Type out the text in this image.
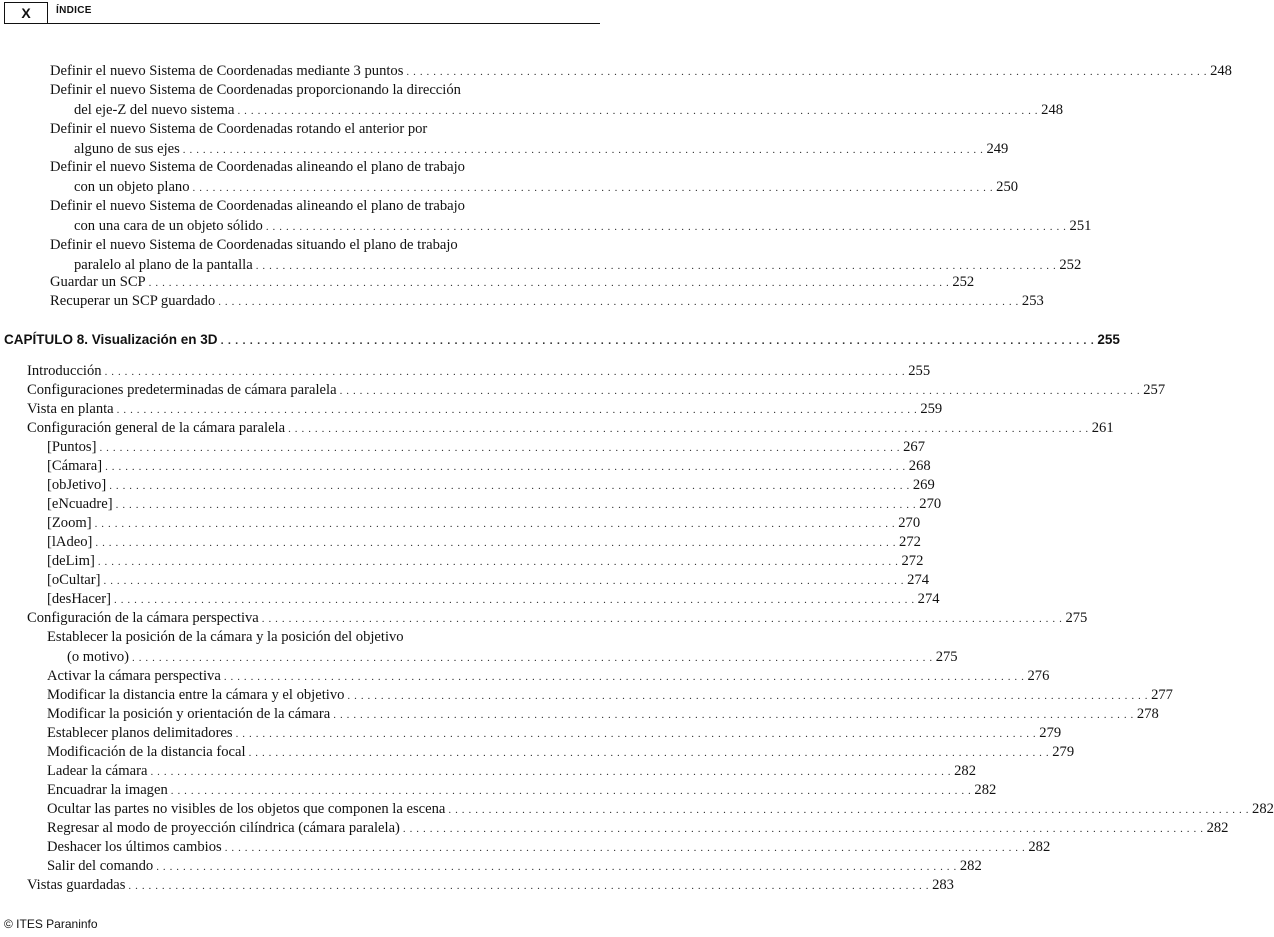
X	ÍNDICE
Definir el nuevo Sistema de Coordenadas mediante 3 puntos . . . . . . . . . . . . . . . . . . . . . . . . . . . . . . . . . . . . . . . . . . . . . . . . . . . . . . . . . . . . . . . . . . . . . . . . . . . . . . . . . . . . . . . . . . . . . . . . . . . . . . . . . . . . . . . . . . . . . . . . 248
Definir el nuevo Sistema de Coordenadas proporcionando la dirección
del eje-Z del nuevo sistema . . . . . . . . . . . . . . . . . . . . . . . . . . . . . . . . . . . . . . . . . . . . . . . . . . . . . . . . . . . . . . . . . . . . . . . . . . . . . . . . . . . . . . . . . . . . . . . . . . . . . . . . . . . . . . . . . . . . . . . . 248
Definir el nuevo Sistema de Coordenadas rotando el anterior por
alguno de sus ejes . . . . . . . . . . . . . . . . . . . . . . . . . . . . . . . . . . . . . . . . . . . . . . . . . . . . . . . . . . . . . . . . . . . . . . . . . . . . . . . . . . . . . . . . . . . . . . . . . . . . . . . . . . . . . . . . . . . . . . . . 249
Definir el nuevo Sistema de Coordenadas alineando el plano de trabajo
con un objeto plano . . . . . . . . . . . . . . . . . . . . . . . . . . . . . . . . . . . . . . . . . . . . . . . . . . . . . . . . . . . . . . . . . . . . . . . . . . . . . . . . . . . . . . . . . . . . . . . . . . . . . . . . . . . . . . . . . . . . . . . . 250
Definir el nuevo Sistema de Coordenadas alineando el plano de trabajo
con una cara de un objeto sólido . . . . . . . . . . . . . . . . . . . . . . . . . . . . . . . . . . . . . . . . . . . . . . . . . . . . . . . . . . . . . . . . . . . . . . . . . . . . . . . . . . . . . . . . . . . . . . . . . . . . . . . . . . . . . . . . . . . . . . . . 251
Definir el nuevo Sistema de Coordenadas situando el plano de trabajo
paralelo al plano de la pantalla . . . . . . . . . . . . . . . . . . . . . . . . . . . . . . . . . . . . . . . . . . . . . . . . . . . . . . . . . . . . . . . . . . . . . . . . . . . . . . . . . . . . . . . . . . . . . . . . . . . . . . . . . . . . . . . . . . . . . . . . 252
Guardar un SCP . . . . . . . . . . . . . . . . . . . . . . . . . . . . . . . . . . . . . . . . . . . . . . . . . . . . . . . . . . . . . . . . . . . . . . . . . . . . . . . . . . . . . . . . . . . . . . . . . . . . . . . . . . . . . . . . . . . . . . . . 252
Recuperar un SCP guardado . . . . . . . . . . . . . . . . . . . . . . . . . . . . . . . . . . . . . . . . . . . . . . . . . . . . . . . . . . . . . . . . . . . . . . . . . . . . . . . . . . . . . . . . . . . . . . . . . . . . . . . . . . . . . . . . . . . . . . . . 253
CAPÍTULO 8. Visualización en 3D . . . . . . . . . . . . . . . . . . . . . . . . . . . . . . . . . . . . . . . . . . . . . . . . . . . . . . . . . . . . . . . . . . . . . . . . . . . . . . . . . . . . . . . . . . . . . . . . . . . . . . . . . . . . . . . . . . . . . . . . 255
Introducción . . . . . . . . . . . . . . . . . . . . . . . . . . . . . . . . . . . . . . . . . . . . . . . . . . . . . . . . . . . . . . . . . . . . . . . . . . . . . . . . . . . . . . . . . . . . . . . . . . . . . . . . . . . . . . . . . . . . . . . . 255
Configuraciones predeterminadas de cámara paralela . . . . . . . . . . . . . . . . . . . . . . . . . . . . . . . . . . . . . . . . . . . . . . . . . . . . . . . . . . . . . . . . . . . . . . . . . . . . . . . . . . . . . . . . . . . . . . . . . . . . . . . . . . . . . . . . . . . . . . . . 257
Vista en planta . . . . . . . . . . . . . . . . . . . . . . . . . . . . . . . . . . . . . . . . . . . . . . . . . . . . . . . . . . . . . . . . . . . . . . . . . . . . . . . . . . . . . . . . . . . . . . . . . . . . . . . . . . . . . . . . . . . . . . . . 259
Configuración general de la cámara paralela . . . . . . . . . . . . . . . . . . . . . . . . . . . . . . . . . . . . . . . . . . . . . . . . . . . . . . . . . . . . . . . . . . . . . . . . . . . . . . . . . . . . . . . . . . . . . . . . . . . . . . . . . . . . . . . . . . . . . . . . 261
[Puntos] . . . . . . . . . . . . . . . . . . . . . . . . . . . . . . . . . . . . . . . . . . . . . . . . . . . . . . . . . . . . . . . . . . . . . . . . . . . . . . . . . . . . . . . . . . . . . . . . . . . . . . . . . . . . . . . . . . . . . . . . 267
[Cámara] . . . . . . . . . . . . . . . . . . . . . . . . . . . . . . . . . . . . . . . . . . . . . . . . . . . . . . . . . . . . . . . . . . . . . . . . . . . . . . . . . . . . . . . . . . . . . . . . . . . . . . . . . . . . . . . . . . . . . . . . 268
[obJetivo] . . . . . . . . . . . . . . . . . . . . . . . . . . . . . . . . . . . . . . . . . . . . . . . . . . . . . . . . . . . . . . . . . . . . . . . . . . . . . . . . . . . . . . . . . . . . . . . . . . . . . . . . . . . . . . . . . . . . . . . . 269
[eNcuadre] . . . . . . . . . . . . . . . . . . . . . . . . . . . . . . . . . . . . . . . . . . . . . . . . . . . . . . . . . . . . . . . . . . . . . . . . . . . . . . . . . . . . . . . . . . . . . . . . . . . . . . . . . . . . . . . . . . . . . . . . 270
[Zoom] . . . . . . . . . . . . . . . . . . . . . . . . . . . . . . . . . . . . . . . . . . . . . . . . . . . . . . . . . . . . . . . . . . . . . . . . . . . . . . . . . . . . . . . . . . . . . . . . . . . . . . . . . . . . . . . . . . . . . . . . 270
[lAdeo] . . . . . . . . . . . . . . . . . . . . . . . . . . . . . . . . . . . . . . . . . . . . . . . . . . . . . . . . . . . . . . . . . . . . . . . . . . . . . . . . . . . . . . . . . . . . . . . . . . . . . . . . . . . . . . . . . . . . . . . . 272
[deLim] . . . . . . . . . . . . . . . . . . . . . . . . . . . . . . . . . . . . . . . . . . . . . . . . . . . . . . . . . . . . . . . . . . . . . . . . . . . . . . . . . . . . . . . . . . . . . . . . . . . . . . . . . . . . . . . . . . . . . . . . 272
[oCultar] . . . . . . . . . . . . . . . . . . . . . . . . . . . . . . . . . . . . . . . . . . . . . . . . . . . . . . . . . . . . . . . . . . . . . . . . . . . . . . . . . . . . . . . . . . . . . . . . . . . . . . . . . . . . . . . . . . . . . . . . 274
[desHacer] . . . . . . . . . . . . . . . . . . . . . . . . . . . . . . . . . . . . . . . . . . . . . . . . . . . . . . . . . . . . . . . . . . . . . . . . . . . . . . . . . . . . . . . . . . . . . . . . . . . . . . . . . . . . . . . . . . . . . . . . 274
Configuración de la cámara perspectiva . . . . . . . . . . . . . . . . . . . . . . . . . . . . . . . . . . . . . . . . . . . . . . . . . . . . . . . . . . . . . . . . . . . . . . . . . . . . . . . . . . . . . . . . . . . . . . . . . . . . . . . . . . . . . . . . . . . . . . . . 275
Establecer la posición de la cámara y la posición del objetivo
(o motivo) . . . . . . . . . . . . . . . . . . . . . . . . . . . . . . . . . . . . . . . . . . . . . . . . . . . . . . . . . . . . . . . . . . . . . . . . . . . . . . . . . . . . . . . . . . . . . . . . . . . . . . . . . . . . . . . . . . . . . . . . 275
Activar la cámara perspectiva . . . . . . . . . . . . . . . . . . . . . . . . . . . . . . . . . . . . . . . . . . . . . . . . . . . . . . . . . . . . . . . . . . . . . . . . . . . . . . . . . . . . . . . . . . . . . . . . . . . . . . . . . . . . . . . . . . . . . . . . 276
Modificar la distancia entre la cámara y el objetivo . . . . . . . . . . . . . . . . . . . . . . . . . . . . . . . . . . . . . . . . . . . . . . . . . . . . . . . . . . . . . . . . . . . . . . . . . . . . . . . . . . . . . . . . . . . . . . . . . . . . . . . . . . . . . . . . . . . . . . . . 277
Modificar la posición y orientación de la cámara . . . . . . . . . . . . . . . . . . . . . . . . . . . . . . . . . . . . . . . . . . . . . . . . . . . . . . . . . . . . . . . . . . . . . . . . . . . . . . . . . . . . . . . . . . . . . . . . . . . . . . . . . . . . . . . . . . . . . . . . 278
Establecer planos delimitadores . . . . . . . . . . . . . . . . . . . . . . . . . . . . . . . . . . . . . . . . . . . . . . . . . . . . . . . . . . . . . . . . . . . . . . . . . . . . . . . . . . . . . . . . . . . . . . . . . . . . . . . . . . . . . . . . . . . . . . . . 279
Modificación de la distancia focal . . . . . . . . . . . . . . . . . . . . . . . . . . . . . . . . . . . . . . . . . . . . . . . . . . . . . . . . . . . . . . . . . . . . . . . . . . . . . . . . . . . . . . . . . . . . . . . . . . . . . . . . . . . . . . . . . . . . . . . . 279
Ladear la cámara . . . . . . . . . . . . . . . . . . . . . . . . . . . . . . . . . . . . . . . . . . . . . . . . . . . . . . . . . . . . . . . . . . . . . . . . . . . . . . . . . . . . . . . . . . . . . . . . . . . . . . . . . . . . . . . . . . . . . . . . 282
Encuadrar la imagen . . . . . . . . . . . . . . . . . . . . . . . . . . . . . . . . . . . . . . . . . . . . . . . . . . . . . . . . . . . . . . . . . . . . . . . . . . . . . . . . . . . . . . . . . . . . . . . . . . . . . . . . . . . . . . . . . . . . . . . . 282
Ocultar las partes no visibles de los objetos que componen la escena . . . . . . . . . . . . . . . . . . . . . . . . . . . . . . . . . . . . . . . . . . . . . . . . . . . . . . . . . . . . . . . . . . . . . . . . . . . . . . . . . . . . . . . . . . . . . . . . . . . . . . . . . . . . . . . . . . . . . . . . 282
Regresar al modo de proyección cilíndrica (cámara paralela) . . . . . . . . . . . . . . . . . . . . . . . . . . . . . . . . . . . . . . . . . . . . . . . . . . . . . . . . . . . . . . . . . . . . . . . . . . . . . . . . . . . . . . . . . . . . . . . . . . . . . . . . . . . . . . . . . . . . . . . . 282
Deshacer los últimos cambios . . . . . . . . . . . . . . . . . . . . . . . . . . . . . . . . . . . . . . . . . . . . . . . . . . . . . . . . . . . . . . . . . . . . . . . . . . . . . . . . . . . . . . . . . . . . . . . . . . . . . . . . . . . . . . . . . . . . . . . . 282
Salir del comando . . . . . . . . . . . . . . . . . . . . . . . . . . . . . . . . . . . . . . . . . . . . . . . . . . . . . . . . . . . . . . . . . . . . . . . . . . . . . . . . . . . . . . . . . . . . . . . . . . . . . . . . . . . . . . . . . . . . . . . . 282
Vistas guardadas . . . . . . . . . . . . . . . . . . . . . . . . . . . . . . . . . . . . . . . . . . . . . . . . . . . . . . . . . . . . . . . . . . . . . . . . . . . . . . . . . . . . . . . . . . . . . . . . . . . . . . . . . . . . . . . . . . . . . . . . 283
© ITES Paraninfo
